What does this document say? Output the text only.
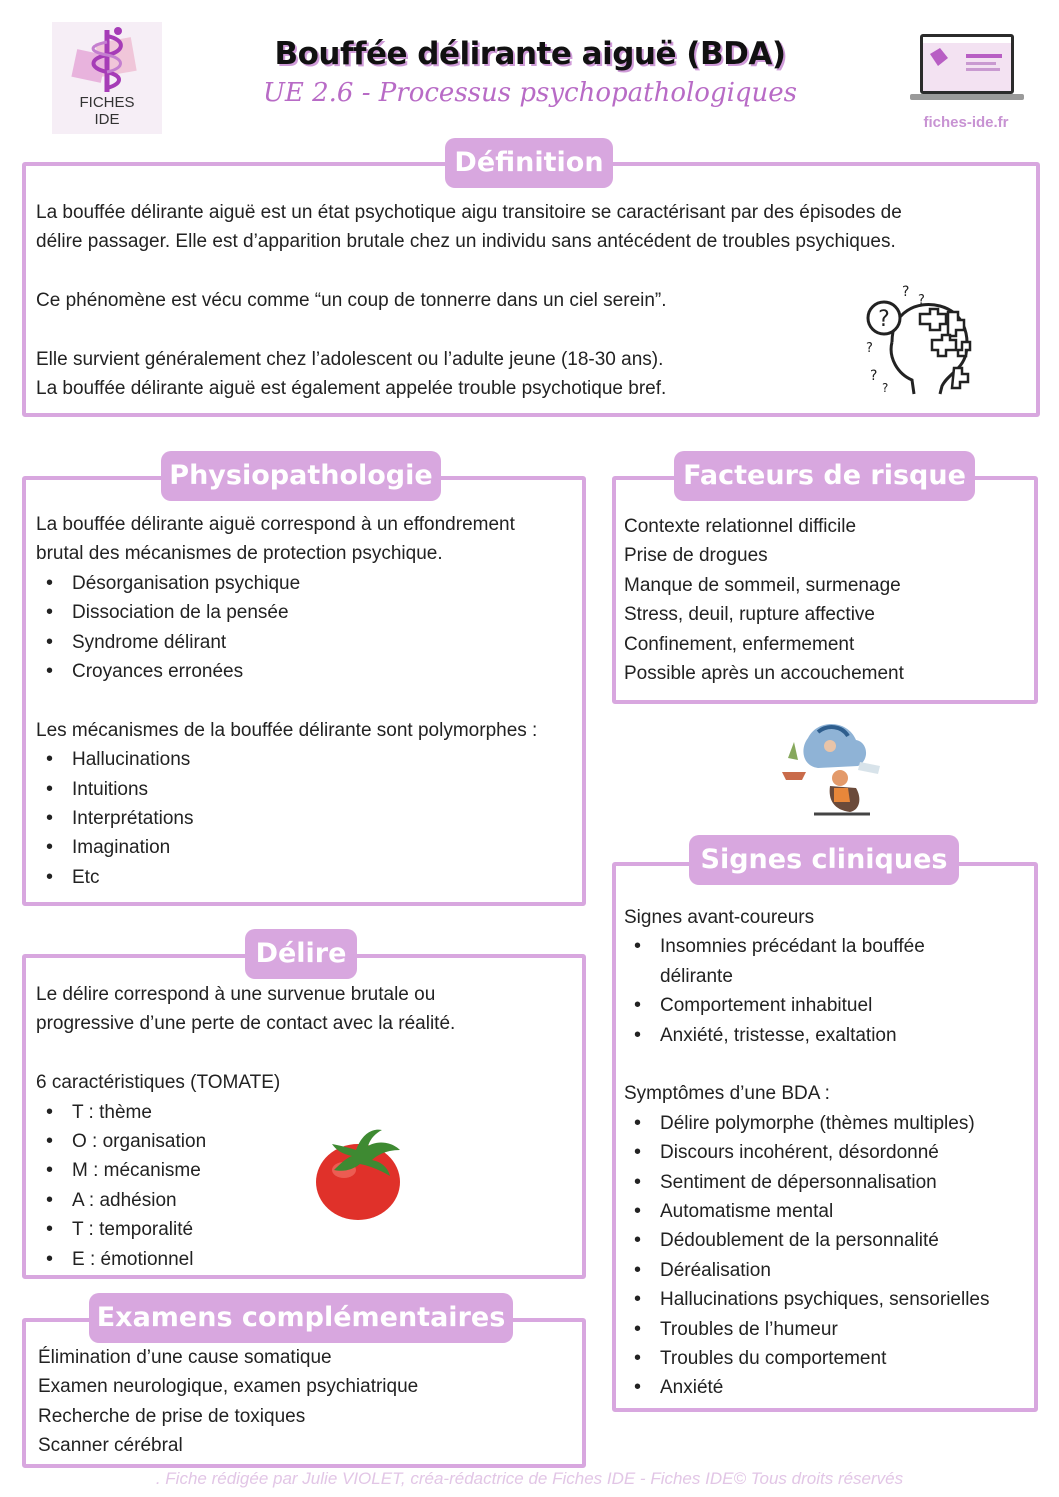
FICHES
IDE
Bouffée délirante aiguë (BDA)
UE 2.6 - Processus psychopathologiques
fiches-ide.fr
Définition

La bouffée délirante aiguë est un état psychotique aigu transitoire se caractérisant par des épisodes de

délire passager. Elle est d’apparition brutale chez un individu sans antécédent de troubles psychiques.

Ce phénomène est vécu comme “un coup de tonnerre dans un ciel serein”.

Elle survient généralement chez l’adolescent ou l’adulte jeune (18-30 ans).

La bouffée délirante aiguë est également appelée trouble psychotique bref.

?
?
?
?
?
?
Physiopathologie

La bouffée délirante aiguë correspond à un effondrement

brutal des mécanismes de protection psychique.

• Désorganisation psychique
• Dissociation de la pensée
• Syndrome délirant
• Croyances erronées

Les mécanismes de la bouffée délirante sont polymorphes :

• Hallucinations
• Intuitions
• Interprétations
• Imagination
• Etc
Facteurs de risque

Contexte relationnel difficile

Prise de drogues

Manque de sommeil, surmenage

Stress, deuil, rupture affective

Confinement, enfermement

Possible après un accouchement

Délire

Le délire correspond à une survenue brutale ou

progressive d’une perte de contact avec la réalité.

6 caractéristiques (TOMATE)

• T : thème
• O : organisation
• M : mécanisme
• A : adhésion
• T : temporalité
• E : émotionnel
Examens complémentaires

Élimination d’une cause somatique

Examen neurologique, examen psychiatrique

Recherche de prise de toxiques

Scanner cérébral

Signes cliniques

Signes avant-coureurs

• Insomnies précédant la bouffée délirante
• Comportement inhabituel
• Anxiété, tristesse, exaltation

Symptômes d’une BDA :

• Délire polymorphe (thèmes multiples)
• Discours incohérent, désordonné
• Sentiment de dépersonnalisation
• Automatisme mental
• Dédoublement de la personnalité
• Déréalisation
• Hallucinations psychiques, sensorielles
• Troubles de l’humeur
• Troubles du comportement
• Anxiété
. Fiche rédigée par Julie VIOLET, créa-rédactrice de Fiches IDE - Fiches IDE© Tous droits réservés
